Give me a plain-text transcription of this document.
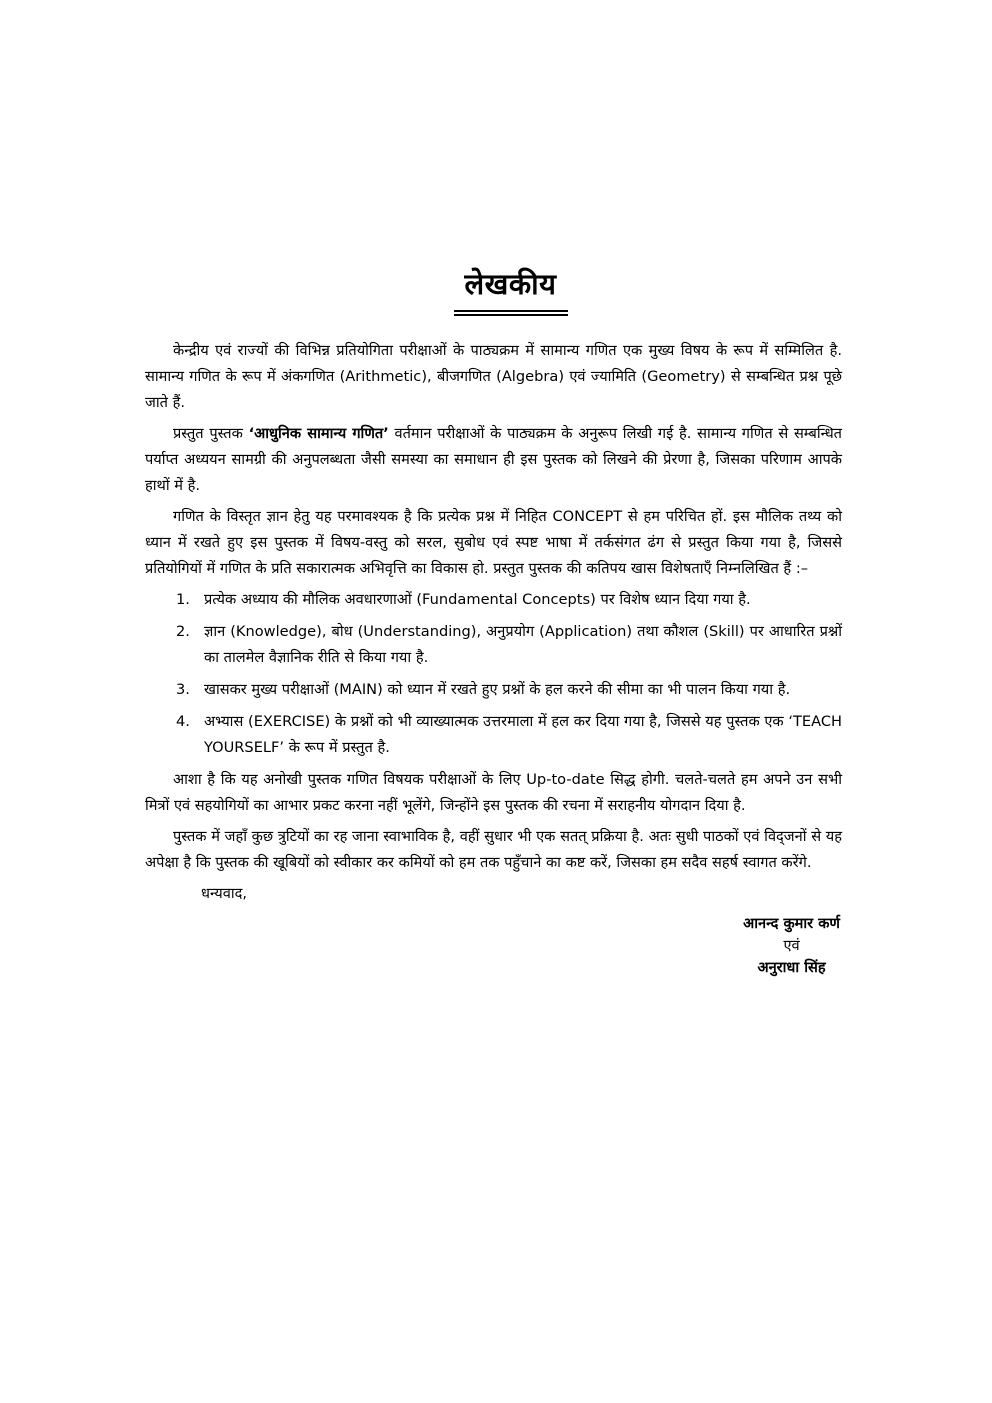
लेखकीय

केन्द्रीय एवं राज्यों की विभिन्न प्रतियोगिता परीक्षाओं के पाठ्यक्रम में सामान्य गणित एक मुख्य विषय के रूप में सम्मिलित है. सामान्य गणित के रूप में अंकगणित (Arithmetic), बीजगणित (Algebra) एवं ज्यामिति (Geometry) से सम्बन्धित प्रश्न पूछे जाते हैं.

प्रस्तुत पुस्तक ‘आधुनिक सामान्य गणित’ वर्तमान परीक्षाओं के पाठ्यक्रम के अनुरूप लिखी गई है. सामान्य गणित से सम्बन्धित पर्याप्त अध्ययन सामग्री की अनुपलब्धता जैसी समस्या का समाधान ही इस पुस्तक को लिखने की प्रेरणा है, जिसका परिणाम आपके हाथों में है.

गणित के विस्तृत ज्ञान हेतु यह परमावश्यक है कि प्रत्येक प्रश्न में निहित CONCEPT से हम परिचित हों. इस मौलिक तथ्य को ध्यान में रखते हुए इस पुस्तक में विषय-वस्तु को सरल, सुबोध एवं स्पष्ट भाषा में तर्कसंगत ढंग से प्रस्तुत किया गया है, जिससे प्रतियोगियों में गणित के प्रति सकारात्मक अभिवृत्ति का विकास हो. प्रस्तुत पुस्तक की कतिपय खास विशेषताएँ निम्नलिखित हैं :–

1. प्रत्येक अध्याय की मौलिक अवधारणाओं (Fundamental Concepts) पर विशेष ध्यान दिया गया है.
2. ज्ञान (Knowledge), बोध (Understanding), अनुप्रयोग (Application) तथा कौशल (Skill) पर आधारित प्रश्नों का तालमेल वैज्ञानिक रीति से किया गया है.
3. खासकर मुख्य परीक्षाओं (MAIN) को ध्यान में रखते हुए प्रश्नों के हल करने की सीमा का भी पालन किया गया है.
4. अभ्यास (EXERCISE) के प्रश्नों को भी व्याख्यात्मक उत्तरमाला में हल कर दिया गया है, जिससे यह पुस्तक एक ‘TEACH YOURSELF’ के रूप में प्रस्तुत है.

आशा है कि यह अनोखी पुस्तक गणित विषयक परीक्षाओं के लिए Up-to-date सिद्ध होगी. चलते-चलते हम अपने उन सभी मित्रों एवं सहयोगियों का आभार प्रकट करना नहीं भूलेंगे, जिन्होंने इस पुस्तक की रचना में सराहनीय योगदान दिया है.

पुस्तक में जहाँ कुछ त्रुटियों का रह जाना स्वाभाविक है, वहीं सुधार भी एक सतत् प्रक्रिया है. अतः सुधी पाठकों एवं विद्जनों से यह अपेक्षा है कि पुस्तक की खूबियों को स्वीकार कर कमियों को हम तक पहुँचाने का कष्ट करें, जिसका हम सदैव सहर्ष स्वागत करेंगे.

धन्यवाद,
आनन्द कुमार कर्ण
एवं
अनुराधा सिंह
